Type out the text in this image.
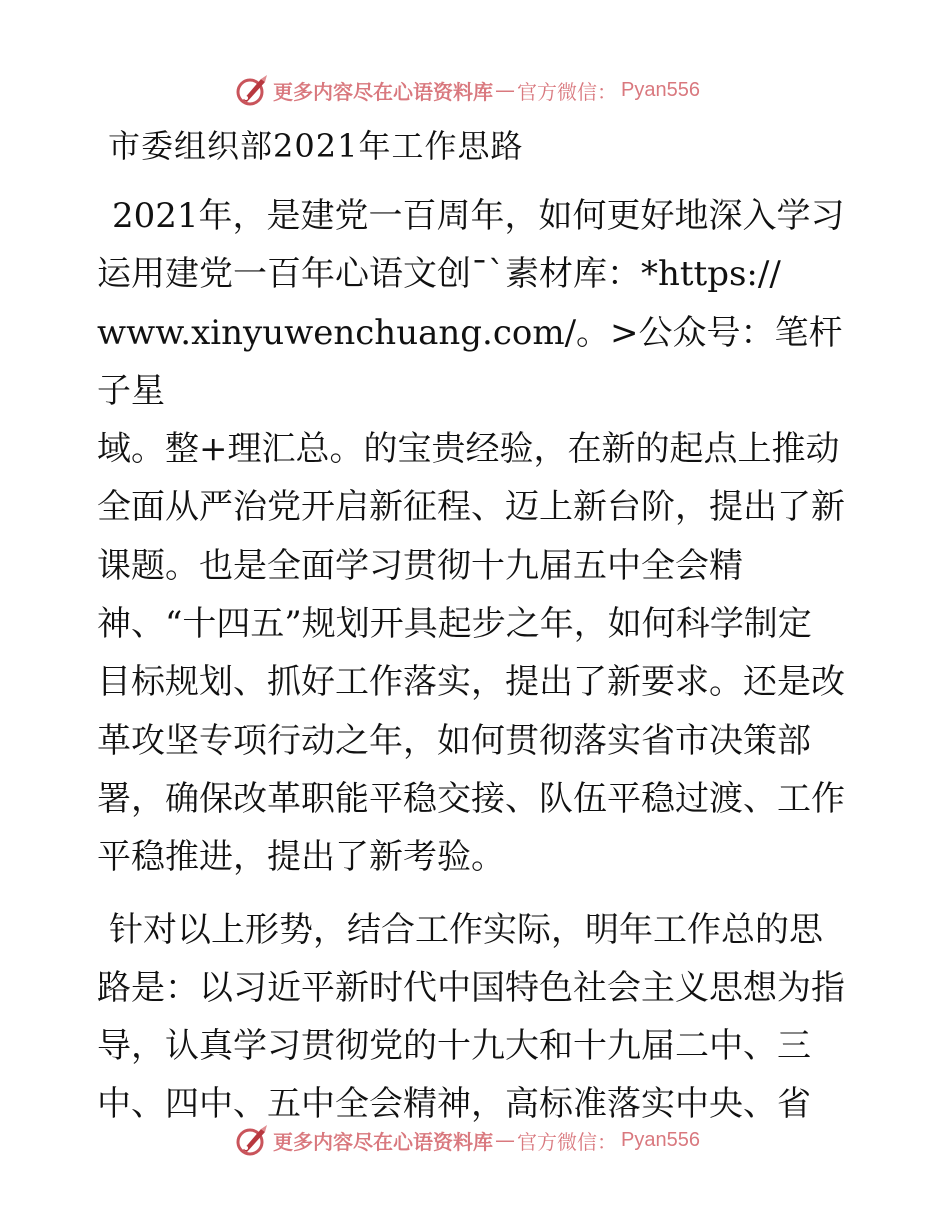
更多内容尽在心语资料库 — 官方微信： Pyan556
市委组织部2021年工作思路

2021年，是建党一百周年，如何更好地深入学习
运用建党一百年心语文创¯`素材库：*https://
www.xinyuwenchuang.com/。>公众号：笔杆子星
域。整+理汇总。的宝贵经验，在新的起点上推动
全面从严治党开启新征程、迈上新台阶，提出了新
课题。也是全面学习贯彻十九届五中全会精
神、“十四五”规划开具起步之年，如何科学制定
目标规划、抓好工作落实，提出了新要求。还是改
革攻坚专项行动之年，如何贯彻落实省市决策部
署，确保改革职能平稳交接、队伍平稳过渡、工作
平稳推进，提出了新考验。

针对以上形势，结合工作实际，明年工作总的思
路是：以习近平新时代中国特色社会主义思想为指
导，认真学习贯彻党的十九大和十九届二中、三
中、四中、五中全会精神，高标准落实中央、省

更多内容尽在心语资料库 — 官方微信： Pyan556
